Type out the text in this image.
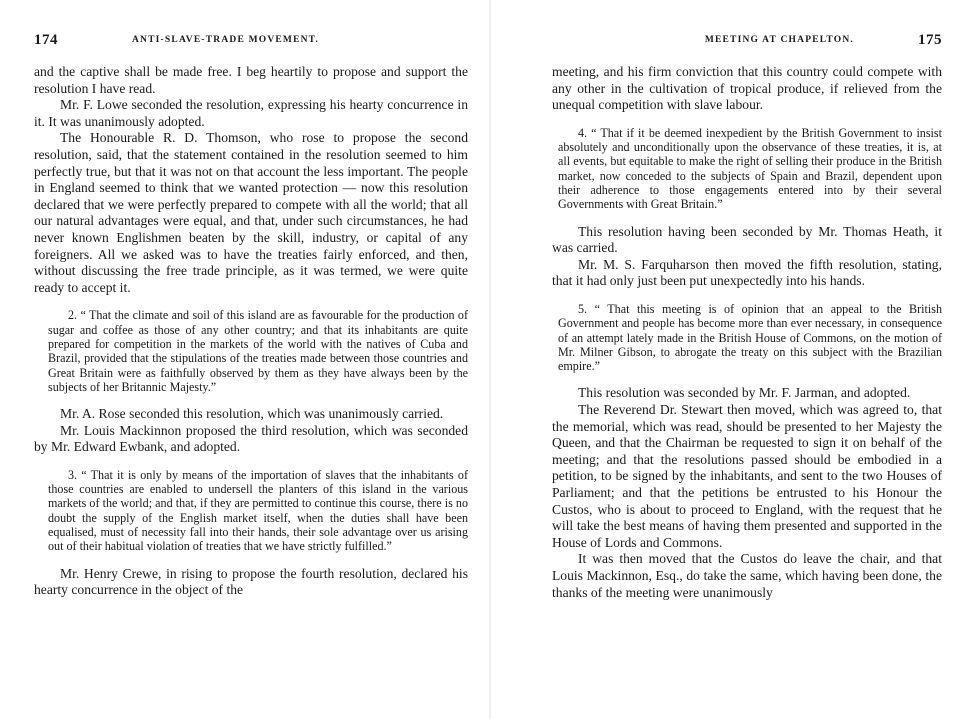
174	ANTI-SLAVE-TRADE MOVEMENT.

and the captive shall be made free. I beg heartily to propose and support the resolution I have read.

Mr. F. Lowe seconded the resolution, expressing his hearty concurrence in it. It was unanimously adopted.

The Honourable R. D. Thomson, who rose to propose the second resolution, said, that the statement contained in the resolution seemed to him perfectly true, but that it was not on that account the less important. The people in England seemed to think that we wanted protection — now this resolution declared that we were perfectly prepared to compete with all the world; that all our natural advantages were equal, and that, under such circumstances, he had never known Englishmen beaten by the skill, industry, or capital of any foreigners. All we asked was to have the treaties fairly enforced, and then, without discussing the free trade principle, as it was termed, we were quite ready to accept it.

2. “ That the climate and soil of this island are as favourable for the production of sugar and coffee as those of any other country; and that its inhabitants are quite prepared for competition in the markets of the world with the natives of Cuba and Brazil, provided that the stipulations of the treaties made between those countries and Great Britain were as faithfully observed by them as they have always been by the subjects of her Britannic Majesty.”

Mr. A. Rose seconded this resolution, which was unanimously carried.

Mr. Louis Mackinnon proposed the third resolution, which was seconded by Mr. Edward Ewbank, and adopted.

3. “ That it is only by means of the importation of slaves that the inhabitants of those countries are enabled to undersell the planters of this island in the various markets of the world; and that, if they are permitted to continue this course, there is no doubt the supply of the English market itself, when the duties shall have been equalised, must of necessity fall into their hands, their sole advantage over us arising out of their habitual violation of treaties that we have strictly fulfilled.”

Mr. Henry Crewe, in rising to propose the fourth resolution, declared his hearty concurrence in the object of the

MEETING AT CHAPELTON.	175

meeting, and his firm conviction that this country could compete with any other in the cultivation of tropical produce, if relieved from the unequal competition with slave labour.

4. “ That if it be deemed inexpedient by the British Government to insist absolutely and unconditionally upon the observance of these treaties, it is, at all events, but equitable to make the right of selling their produce in the British market, now conceded to the subjects of Spain and Brazil, dependent upon their adherence to those engagements entered into by their several Governments with Great Britain.”

This resolution having been seconded by Mr. Thomas Heath, it was carried.

Mr. M. S. Farquharson then moved the fifth resolution, stating, that it had only just been put unexpectedly into his hands.

5. “ That this meeting is of opinion that an appeal to the British Government and people has become more than ever necessary, in consequence of an attempt lately made in the British House of Commons, on the motion of Mr. Milner Gibson, to abrogate the treaty on this subject with the Brazilian empire.”

This resolution was seconded by Mr. F. Jarman, and adopted.

The Reverend Dr. Stewart then moved, which was agreed to, that the memorial, which was read, should be presented to her Majesty the Queen, and that the Chairman be requested to sign it on behalf of the meeting; and that the resolutions passed should be embodied in a petition, to be signed by the inhabitants, and sent to the two Houses of Parliament; and that the petitions be entrusted to his Honour the Custos, who is about to proceed to England, with the request that he will take the best means of having them presented and supported in the House of Lords and Commons.

It was then moved that the Custos do leave the chair, and that Louis Mackinnon, Esq., do take the same, which having been done, the thanks of the meeting were unanimously
